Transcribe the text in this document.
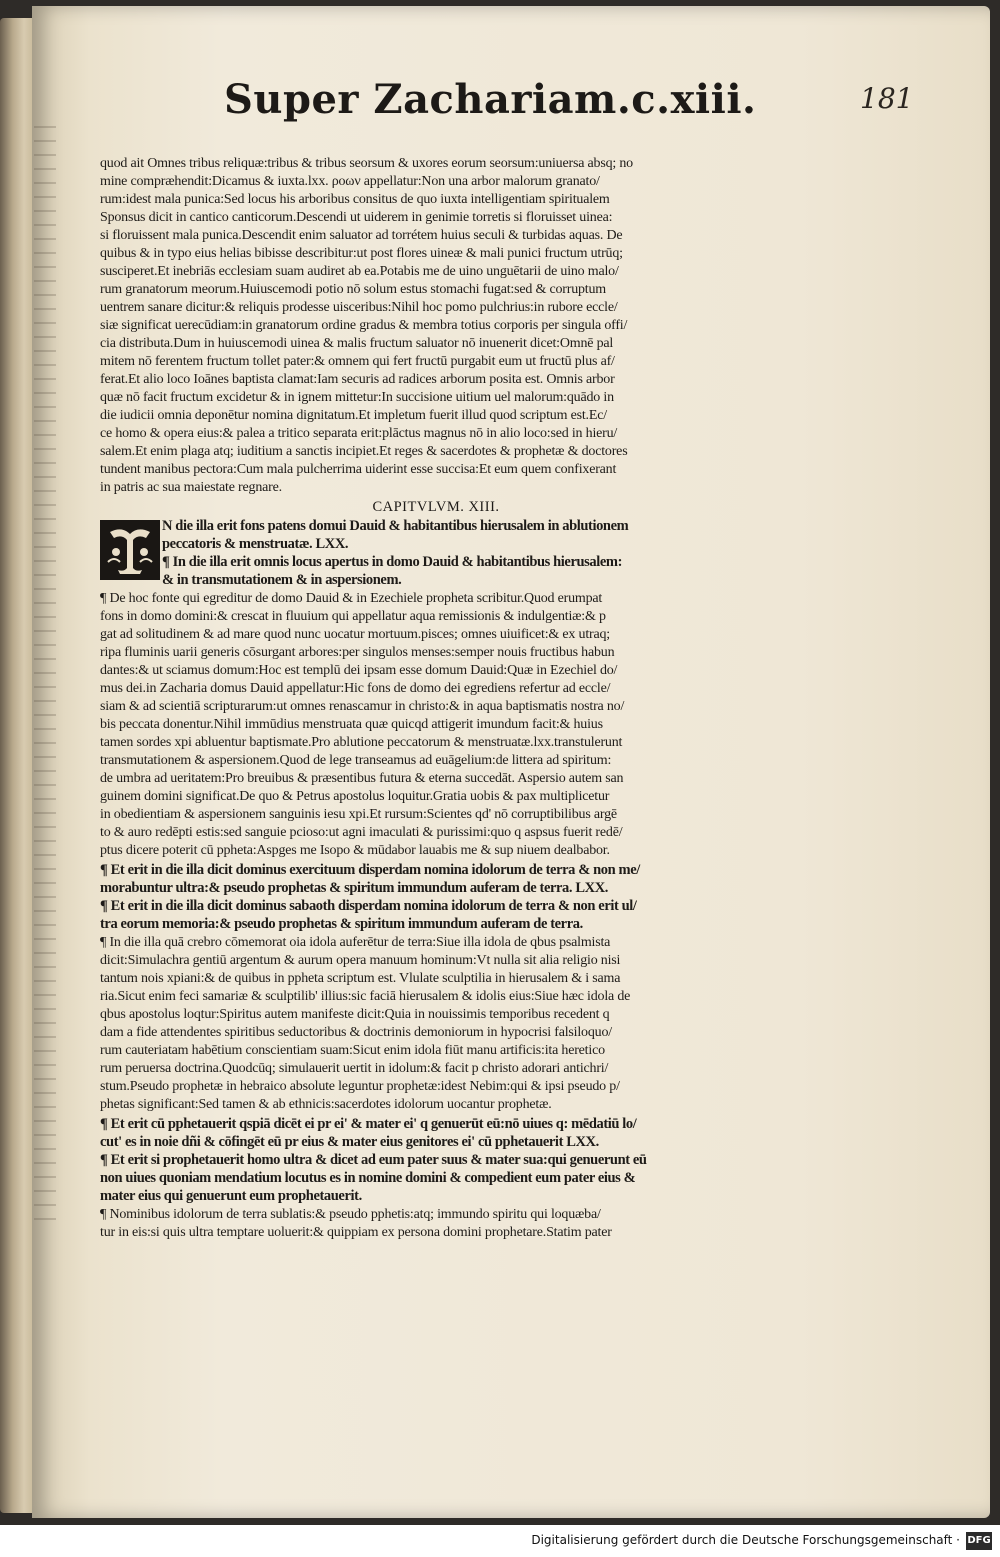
Super Zachariam.c.xiii.	181
quod ait Omnes tribus reliquæ:tribus & tribus seorsum & uxores eorum seorsum:uniuersa absq; no
mine compræhendit:Dicamus & iuxta.lxx. ροων appellatur:Non una arbor malorum granato/
rum:idest mala punica:Sed locus his arboribus consitus de quo iuxta intelligentiam spiritualem
Sponsus dicit in cantico canticorum.Descendi ut uiderem in genimie torretis si floruisset uinea:
si floruissent mala punica.Descendit enim saluator ad torrétem huius seculi & turbidas aquas. De
quibus & in typo eius helias bibisse describitur:ut post flores uineæ & mali punici fructum utrūq;
susciperet.Et inebriās ecclesiam suam audiret ab ea.Potabis me de uino unguētarii de uino malo/
rum granatorum meorum.Huiuscemodi potio nō solum estus stomachi fugat:sed & corruptum
uentrem sanare dicitur:& reliquis prodesse uisceribus:Nihil hoc pomo pulchrius:in rubore eccle/
siæ significat uerecūdiam:in granatorum ordine gradus & membra totius corporis per singula offi/
cia distributa.Dum in huiuscemodi uinea & malis fructum saluator nō inuenerit dicet:Omnē pal
mitem nō ferentem fructum tollet pater:& omnem qui fert fructū purgabit eum ut fructū plus af/
ferat.Et alio loco Ioānes baptista clamat:Iam securis ad radices arborum posita est. Omnis arbor
quæ nō facit fructum excidetur & in ignem mittetur:In succisione uitium uel malorum:quādo in
die iudicii omnia deponētur nomina dignitatum.Et impletum fuerit illud quod scriptum est.Ec/
ce homo & opera eius:& palea a tritico separata erit:plāctus magnus nō in alio loco:sed in hieru/
salem.Et enim plaga atq; iuditium a sanctis incipiet.Et reges & sacerdotes & prophetæ & doctores
tundent manibus pectora:Cum mala pulcherrima uiderint esse succisa:Et eum quem confixerant
in patris ac sua maiestate regnare.
CAPITVLVM. XIII.
N die illa erit fons patens domui Dauid & habitantibus hierusalem in ablutionem
peccatoris & menstruatæ. LXX.
¶ In die illa erit omnis locus apertus in domo Dauid & habitantibus hierusalem:
& in transmutationem & in aspersionem.
¶ De hoc fonte qui egreditur de domo Dauid & in Ezechiele propheta scribitur.Quod erumpat
fons in domo domini:& crescat in fluuium qui appellatur aqua remissionis & indulgentiæ:& p
gat ad solitudinem & ad mare quod nunc uocatur mortuum.pisces; omnes uiuificet:& ex utraq;
ripa fluminis uarii generis cōsurgant arbores:per singulos menses:semper nouis fructibus habun
dantes:& ut sciamus domum:Hoc est templū dei ipsam esse domum Dauid:Quæ in Ezechiel do/
mus dei.in Zacharia domus Dauid appellatur:Hic fons de domo dei egrediens refertur ad eccle/
siam & ad scientiā scripturarum:ut omnes renascamur in christo:& in aqua baptismatis nostra no/
bis peccata donentur.Nihil immūdius menstruata quæ quicqd attigerit imundum facit:& huius
tamen sordes xpi abluentur baptismate.Pro ablutione peccatorum & menstruatæ.lxx.transtulerunt
transmutationem & aspersionem.Quod de lege transeamus ad euāgelium:de littera ad spiritum:
de umbra ad ueritatem:Pro breuibus & præsentibus futura & eterna succedāt. Aspersio autem san
guinem domini significat.De quo & Petrus apostolus loquitur.Gratia uobis & pax multiplicetur
in obedientiam & aspersionem sanguinis iesu xpi.Et rursum:Scientes qd' nō corruptibilibus argē
to & auro redēpti estis:sed sanguie pcioso:ut agni imaculati & purissimi:quo q aspsus fuerit redē/
ptus dicere poterit cū ppheta:Aspges me Isopo & mūdabor lauabis me & sup niuem dealbabor.
¶ Et erit in die illa dicit dominus exercituum disperdam nomina idolorum de terra & non me/
morabuntur ultra:& pseudo prophetas & spiritum immundum auferam de terra. LXX.
¶ Et erit in die illa dicit dominus sabaoth disperdam nomina idolorum de terra & non erit ul/
tra eorum memoria:& pseudo prophetas & spiritum immundum auferam de terra.
¶ In die illa quā crebro cōmemorat oia idola auferētur de terra:Siue illa idola de qbus psalmista
dicit:Simulachra gentiū argentum & aurum opera manuum hominum:Vt nulla sit alia religio nisi
tantum nois xpiani:& de quibus in ppheta scriptum est. Vlulate sculptilia in hierusalem & i sama
ria.Sicut enim feci samariæ & sculptilib' illius:sic faciā hierusalem & idolis eius:Siue hæc idola de
qbus apostolus loqtur:Spiritus autem manifeste dicit:Quia in nouissimis temporibus recedent q
dam a fide attendentes spiritibus seductoribus & doctrinis demoniorum in hypocrisi falsiloquo/
rum cauteriatam habētium conscientiam suam:Sicut enim idola fiūt manu artificis:ita heretico
rum peruersa doctrina.Quodcūq; simulauerit uertit in idolum:& facit p christo adorari antichri/
stum.Pseudo prophetæ in hebraico absolute leguntur prophetæ:idest Nebim:qui & ipsi pseudo p/
phetas significant:Sed tamen & ab ethnicis:sacerdotes idolorum uocantur prophetæ.
¶ Et erit cū pphetauerit qspiā dicēt ei pr ei' & mater ei' q genuerūt eū:nō uiues q: mēdatiū lo/
cut' es in noie dñi & cōfingēt eū pr eius & mater eius genitores ei' cū pphetauerit LXX.
¶ Et erit si prophetauerit homo ultra & dicet ad eum pater suus & mater sua:qui genuerunt eū
non uiues quoniam mendatium locutus es in nomine domini & compedient eum pater eius &
mater eius qui genuerunt eum prophetauerit.
¶ Nominibus idolorum de terra sublatis:& pseudo pphetis:atq; immundo spiritu qui loquæba/
tur in eis:si quis ultra temptare uoluerit:& quippiam ex persona domini prophetare.Statim pater
Digitalisierung gefördert durch die Deutsche Forschungsgemeinschaft · DFG
